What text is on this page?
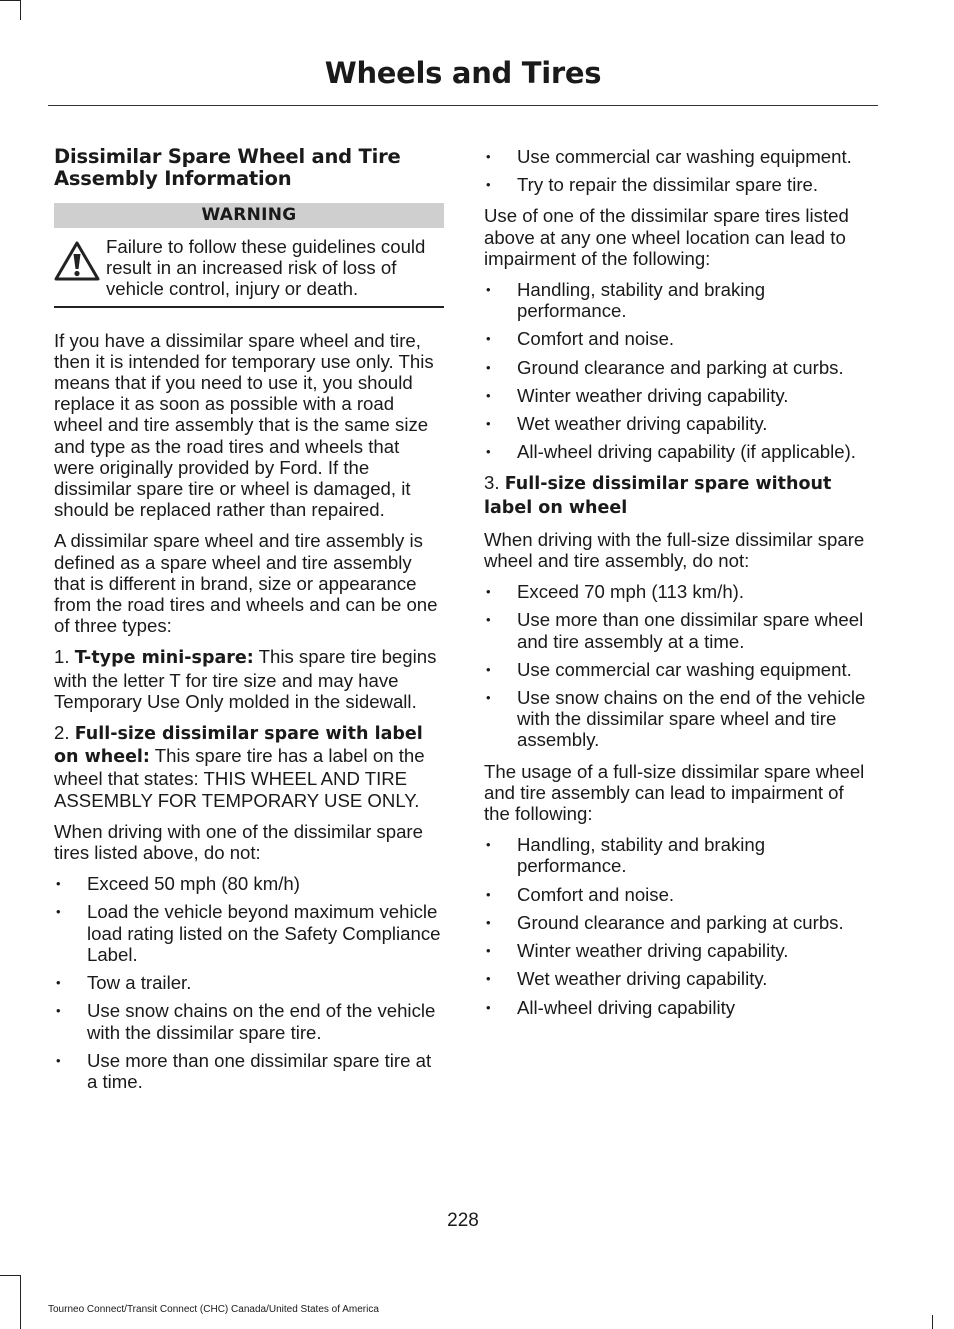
Wheels and Tires
Dissimilar Spare Wheel and Tire Assembly Information
WARNING
Failure to follow these guidelines could result in an increased risk of loss of vehicle control, injury or death.

If you have a dissimilar spare wheel and tire, then it is intended for temporary use only. This means that if you need to use it, you should replace it as soon as possible with a road wheel and tire assembly that is the same size and type as the road tires and wheels that were originally provided by Ford. If the dissimilar spare tire or wheel is damaged, it should be replaced rather than repaired.

A dissimilar spare wheel and tire assembly is defined as a spare wheel and tire assembly that is different in brand, size or appearance from the road tires and wheels and can be one of three types:

1. T-type mini-spare: This spare tire begins with the letter T for tire size and may have Temporary Use Only molded in the sidewall.
2. Full-size dissimilar spare with label on wheel: This spare tire has a label on the wheel that states: THIS WHEEL AND TIRE ASSEMBLY FOR TEMPORARY USE ONLY.

When driving with one of the dissimilar spare tires listed above, do not:

• Exceed 50 mph (80 km/h)
• Load the vehicle beyond maximum vehicle load rating listed on the Safety Compliance Label.
• Tow a trailer.
• Use snow chains on the end of the vehicle with the dissimilar spare tire.
• Use more than one dissimilar spare tire at a time.
• Use commercial car washing equipment.
• Try to repair the dissimilar spare tire.

Use of one of the dissimilar spare tires listed above at any one wheel location can lead to impairment of the following:

• Handling, stability and braking performance.
• Comfort and noise.
• Ground clearance and parking at curbs.
• Winter weather driving capability.
• Wet weather driving capability.
• All-wheel driving capability (if applicable).
3. Full-size dissimilar spare without label on wheel

When driving with the full-size dissimilar spare wheel and tire assembly, do not:

• Exceed 70 mph (113 km/h).
• Use more than one dissimilar spare wheel and tire assembly at a time.
• Use commercial car washing equipment.
• Use snow chains on the end of the vehicle with the dissimilar spare wheel and tire assembly.

The usage of a full-size dissimilar spare wheel and tire assembly can lead to impairment of the following:

• Handling, stability and braking performance.
• Comfort and noise.
• Ground clearance and parking at curbs.
• Winter weather driving capability.
• Wet weather driving capability.
• All-wheel driving capability
228
Tourneo Connect/Transit Connect (CHC) Canada/United States of America
